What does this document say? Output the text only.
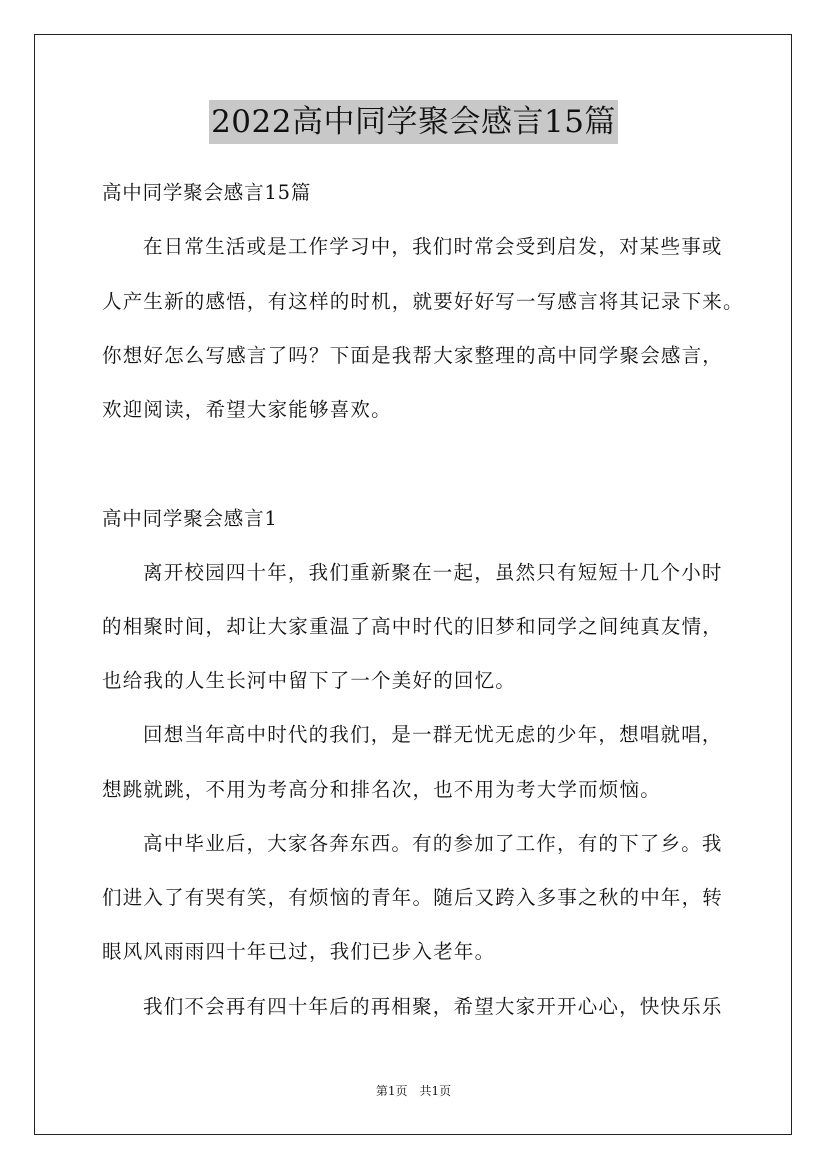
2022高中同学聚会感言15篇
高中同学聚会感言15篇
在日常生活或是工作学习中，我们时常会受到启发，对某些事或
人产生新的感悟，有这样的时机，就要好好写一写感言将其记录下来。
你想好怎么写感言了吗？下面是我帮大家整理的高中同学聚会感言，
欢迎阅读，希望大家能够喜欢。
高中同学聚会感言1
离开校园四十年，我们重新聚在一起，虽然只有短短十几个小时
的相聚时间，却让大家重温了高中时代的旧梦和同学之间纯真友情，
也给我的人生长河中留下了一个美好的回忆。
回想当年高中时代的我们，是一群无忧无虑的少年，想唱就唱，
想跳就跳，不用为考高分和排名次，也不用为考大学而烦恼。
高中毕业后，大家各奔东西。有的参加了工作，有的下了乡。我
们进入了有哭有笑，有烦恼的青年。随后又跨入多事之秋的中年，转
眼风风雨雨四十年已过，我们已步入老年。
我们不会再有四十年后的再相聚，希望大家开开心心，快快乐乐
第1页　共1页
